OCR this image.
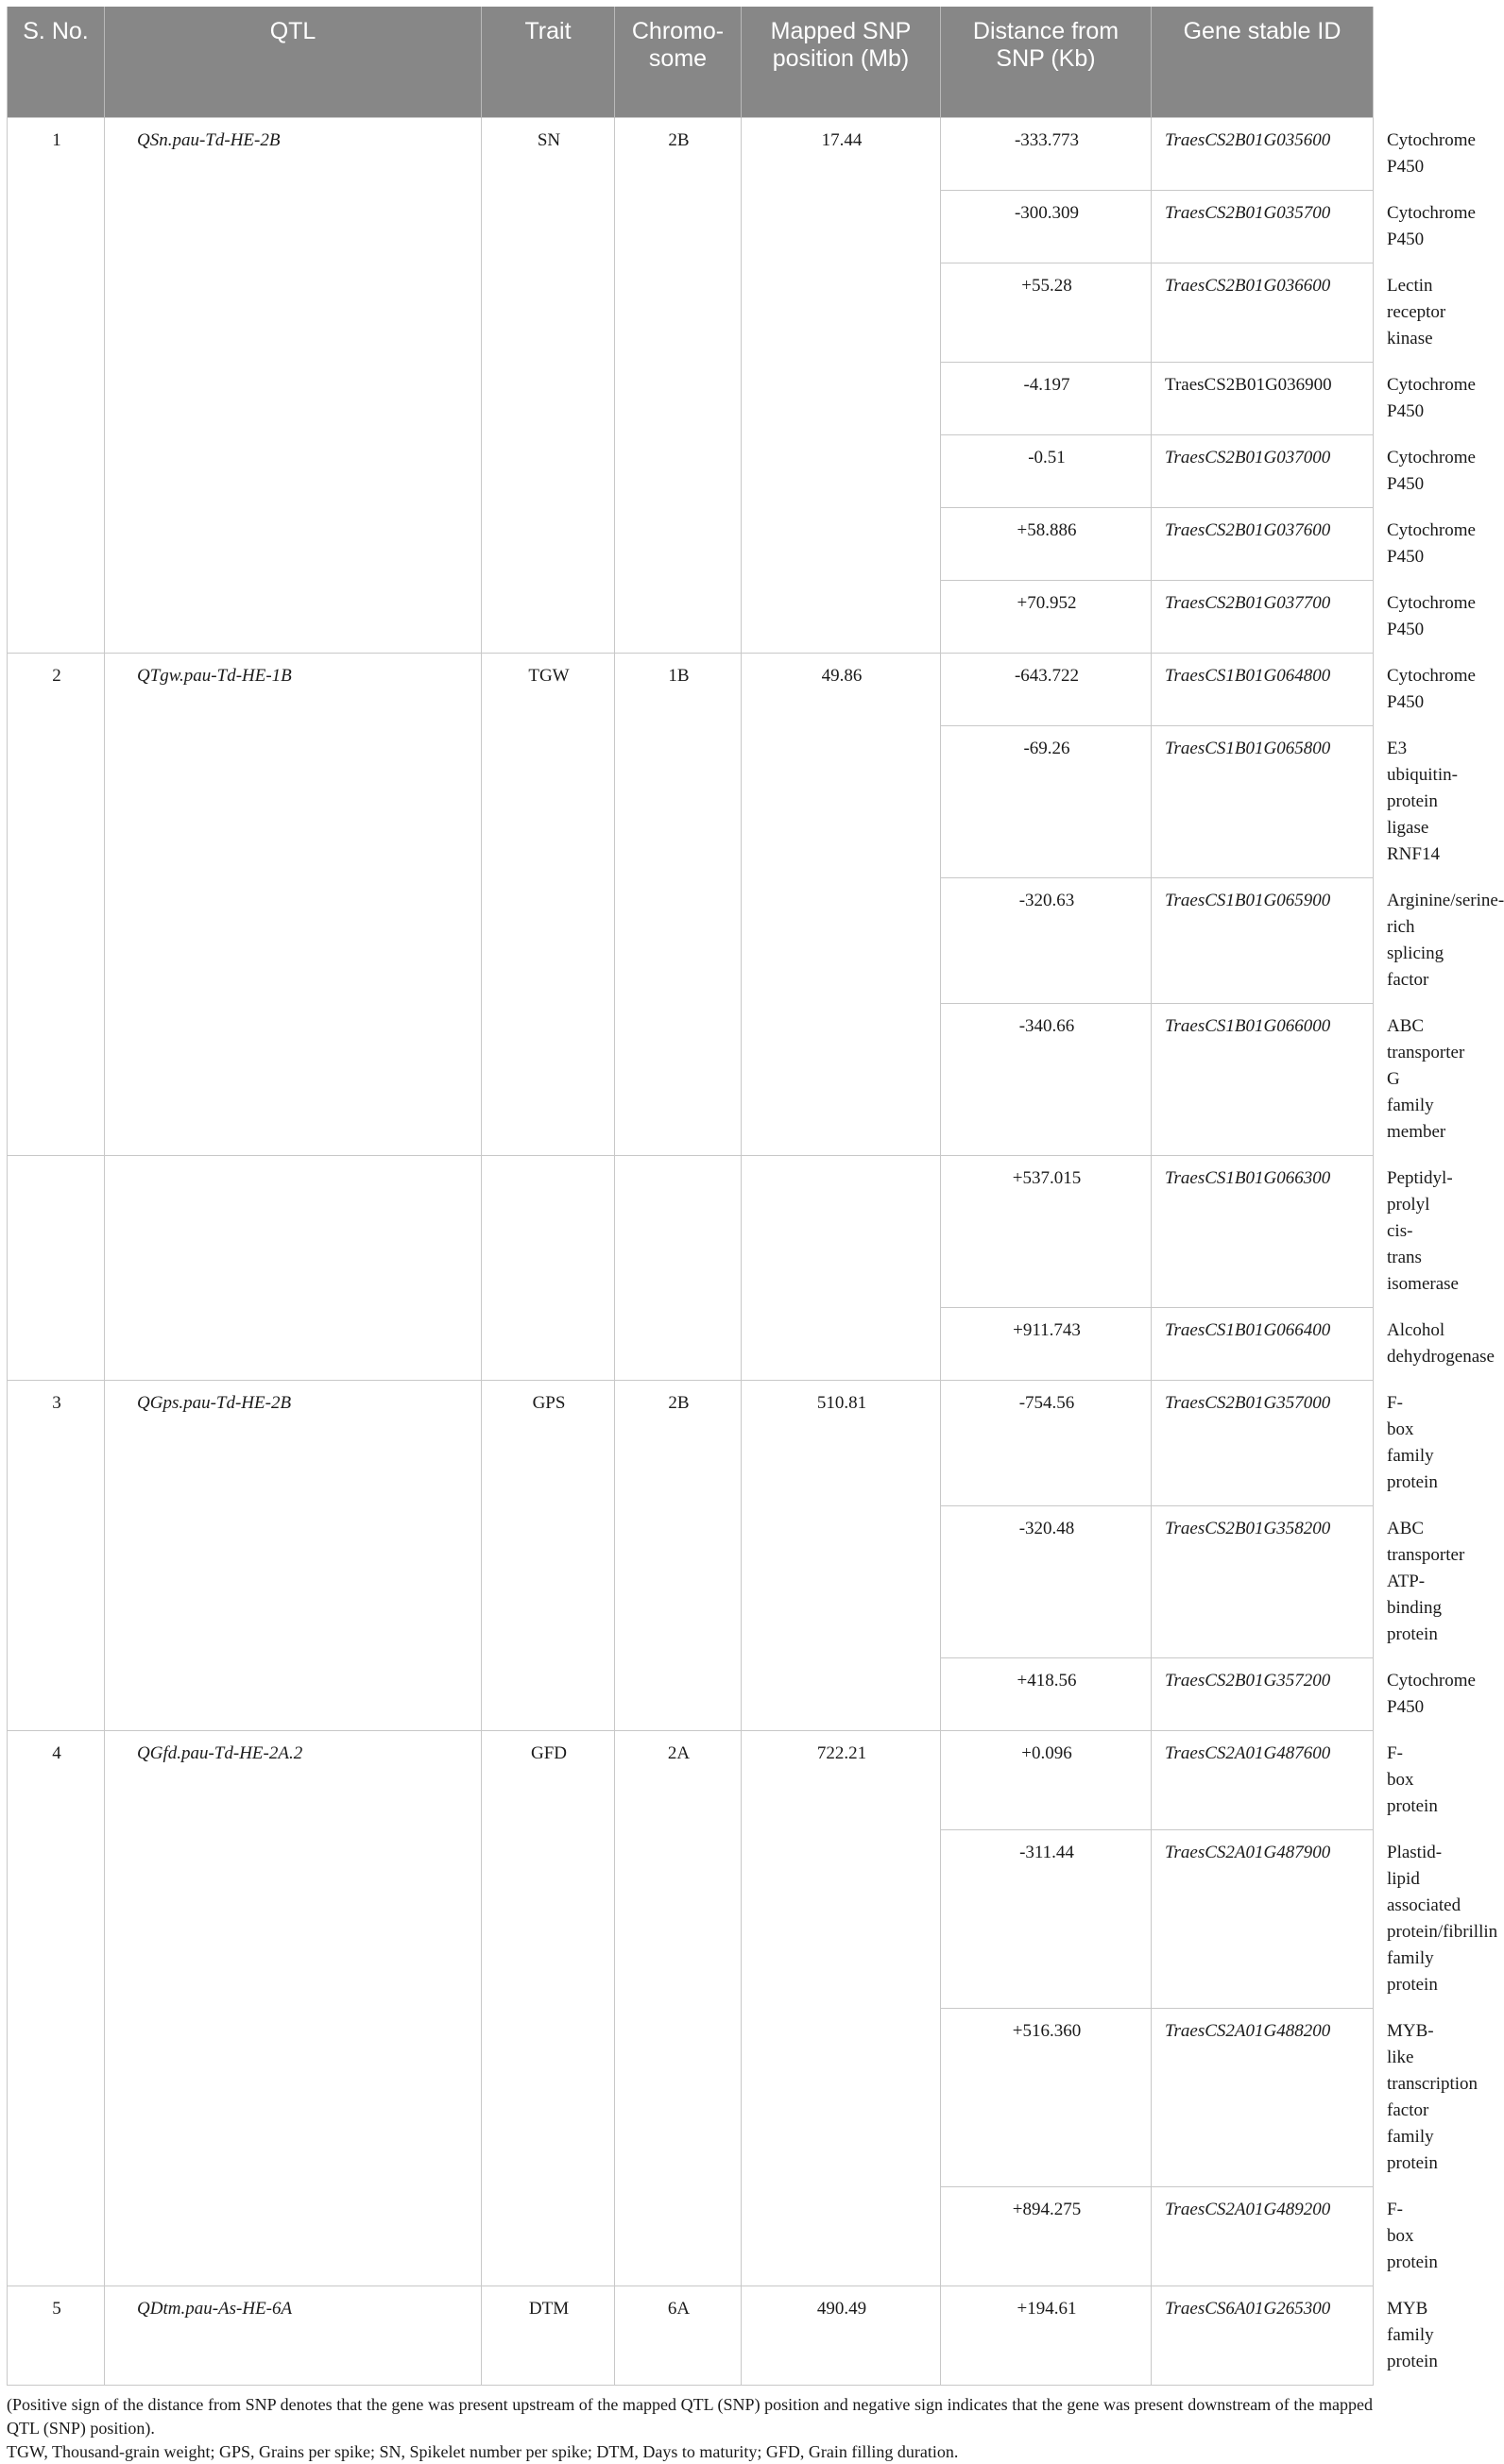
S. No.	QTL	Trait	Chromo-some	Mapped SNP position (Mb)	Distance from SNP (Kb)	Gene stable ID	Function
1	QSn.pau-Td-HE-2B	SN	2B	17.44	-333.773	TraesCS2B01G035600	Cytochrome P450
					-300.309	TraesCS2B01G035700	Cytochrome P450
					+55.28	TraesCS2B01G036600	Lectin receptor kinase
					-4.197	TraesCS2B01G036900	Cytochrome P450
					-0.51	TraesCS2B01G037000	Cytochrome P450
					+58.886	TraesCS2B01G037600	Cytochrome P450
					+70.952	TraesCS2B01G037700	Cytochrome P450
2	QTgw.pau-Td-HE-1B	TGW	1B	49.86	-643.722	TraesCS1B01G064800	Cytochrome P450
					-69.26	TraesCS1B01G065800	E3 ubiquitin-protein ligase RNF14
					-320.63	TraesCS1B01G065900	Arginine/serine-rich splicing factor
					-340.66	TraesCS1B01G066000	ABC transporter G family member
					+537.015	TraesCS1B01G066300	Peptidyl-prolyl cis-trans isomerase
					+911.743	TraesCS1B01G066400	Alcohol dehydrogenase
3	QGps.pau-Td-HE-2B	GPS	2B	510.81	-754.56	TraesCS2B01G357000	F-box family protein
					-320.48	TraesCS2B01G358200	ABC transporter ATP-binding protein
					+418.56	TraesCS2B01G357200	Cytochrome P450
4	QGfd.pau-Td-HE-2A.2	GFD	2A	722.21	+0.096	TraesCS2A01G487600	F-box protein
					-311.44	TraesCS2A01G487900	Plastid-lipid associated protein/fibrillin family protein
					+516.360	TraesCS2A01G488200	MYB-like transcription factor family protein
					+894.275	TraesCS2A01G489200	F-box protein
5	QDtm.pau-As-HE-6A	DTM	6A	490.49	+194.61	TraesCS6A01G265300	MYB family protein

(Positive sign of the distance from SNP denotes that the gene was present upstream of the mapped QTL (SNP) position and negative sign indicates that the gene was present downstream of the mapped QTL (SNP) position).

TGW, Thousand-grain weight; GPS, Grains per spike; SN, Spikelet number per spike; DTM, Days to maturity; GFD, Grain filling duration.
